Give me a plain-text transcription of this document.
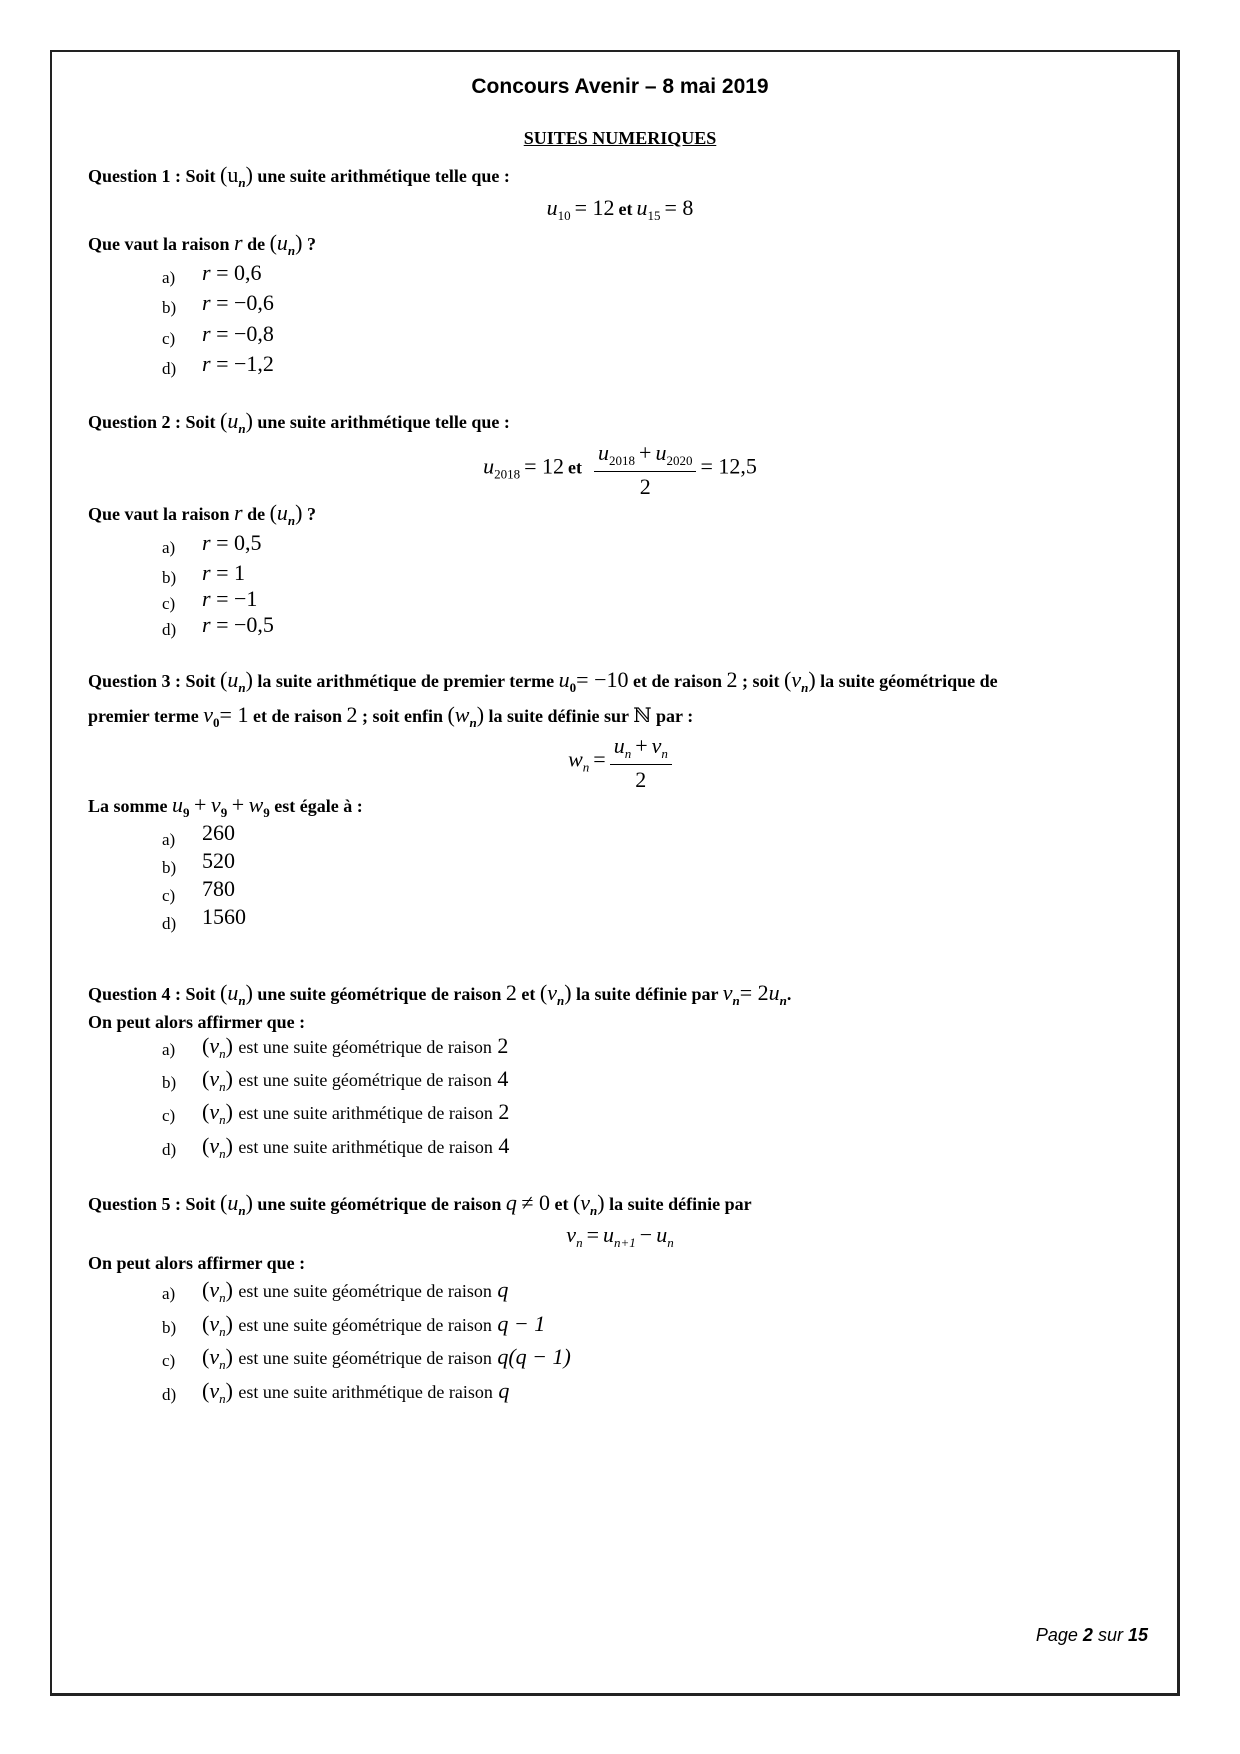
Concours Avenir – 8 mai 2019
SUITES NUMERIQUES
Question 1 : Soit $(u_n)$ une suite arithmétique telle que :
$u_{10} = 12$ et $u_{15} = 8$
Que vaut la raison r de $(u_n)$ ?
a) r = 0,6
b) r = −0,6
c) r = −0,8
d) r = −1,2
Question 2 : Soit $(u_n)$ une suite arithmétique telle que :
$u_{2018} = 12$ et $\frac{u_{2018} + u_{2020}}{2} = 12,5$
Que vaut la raison r de $(u_n)$ ?
a) r = 0,5
b) r = 1
c) r = −1
d) r = −0,5
Question 3 : Soit $(u_n)$ la suite arithmétique de premier terme $u_0= -10$ et de raison 2 ; soit $(v_n)$ la suite géométrique de
premier terme $v_0= 1$ et de raison 2 ; soit enfin $(w_n)$ la suite définie sur ℕ par :
$w_n = \frac{u_n + v_n}{2}$
La somme $u_9 + v_9 + w_9$ est égale à :
a) 260
b) 520
c) 780
d) 1560
Question 4 : Soit $(u_n)$ une suite géométrique de raison 2 et $(v_n)$ la suite définie par $v_n= 2u_n$.
On peut alors affirmer que :
a) $(v_n)$ est une suite géométrique de raison 2
b) $(v_n)$ est une suite géométrique de raison 4
c) $(v_n)$ est une suite arithmétique de raison 2
d) $(v_n)$ est une suite arithmétique de raison 4
Question 5 : Soit $(u_n)$ une suite géométrique de raison q ≠ 0 et $(v_n)$ la suite définie par
$v_n = u_{n+1} - u_n$
On peut alors affirmer que :
a) $(v_n)$ est une suite géométrique de raison q
b) $(v_n)$ est une suite géométrique de raison q − 1
c) $(v_n)$ est une suite géométrique de raison q(q − 1)
d) $(v_n)$ est une suite arithmétique de raison q
Page 2 sur 15
